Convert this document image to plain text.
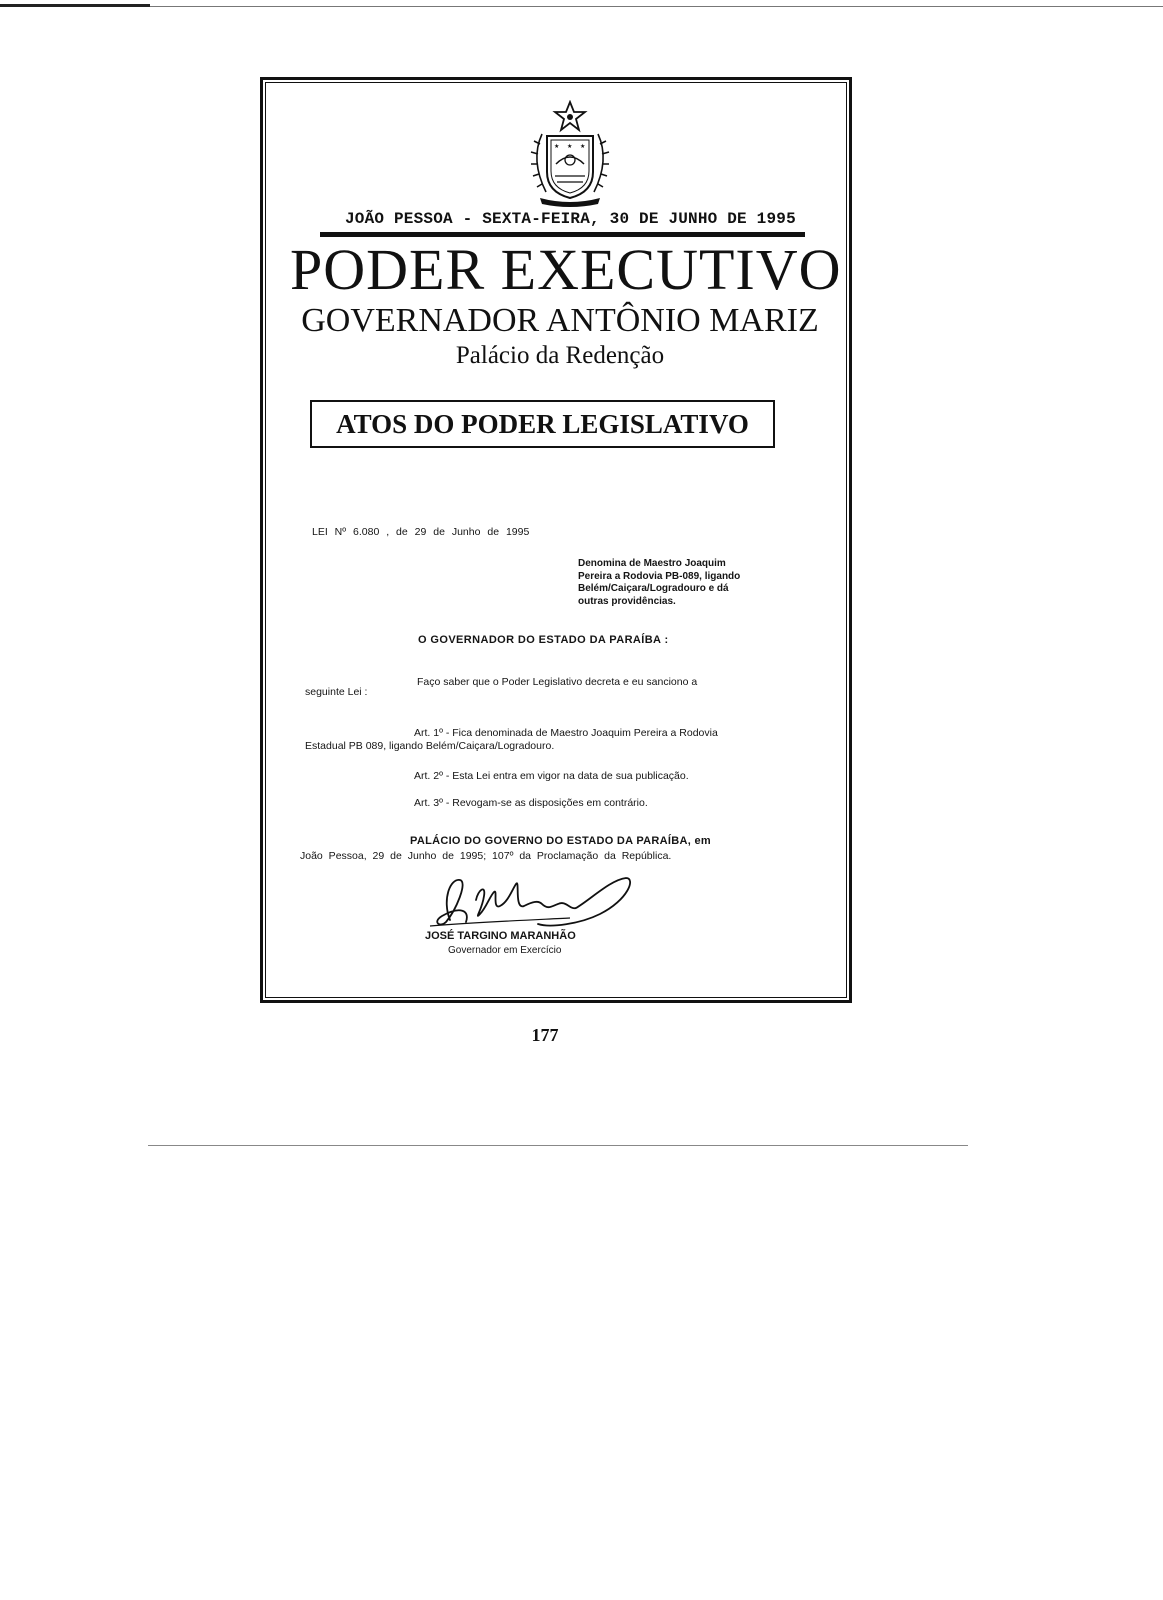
★	★
★
JOÃO PESSOA - SEXTA-FEIRA, 30 DE JUNHO DE 1995
PODER EXECUTIVO
GOVERNADOR ANTÔNIO MARIZ
Palácio da Redenção
ATOS DO PODER LEGISLATIVO
LEI Nº 6.080 , de 29 de Junho de 1995
Denomina de Maestro Joaquim Pereira a Rodovia PB-089, ligando Belém/Caiçara/Logradouro e dá outras providências.
O GOVERNADOR DO ESTADO DA PARAÍBA :
Faço saber que o Poder Legislativo decreta e eu sanciono a
seguinte Lei :
Art. 1º - Fica denominada de Maestro Joaquim Pereira a Rodovia
Estadual PB 089, ligando Belém/Caiçara/Logradouro.
Art. 2º - Esta Lei entra em vigor na data de sua publicação.
Art. 3º - Revogam-se as disposições em contrário.
PALÁCIO DO GOVERNO DO ESTADO DA PARAÍBA, em
João Pessoa, 29 de Junho de 1995; 107º da Proclamação da República.
JOSÉ TARGINO MARANHÃO
Governador em Exercício
177
